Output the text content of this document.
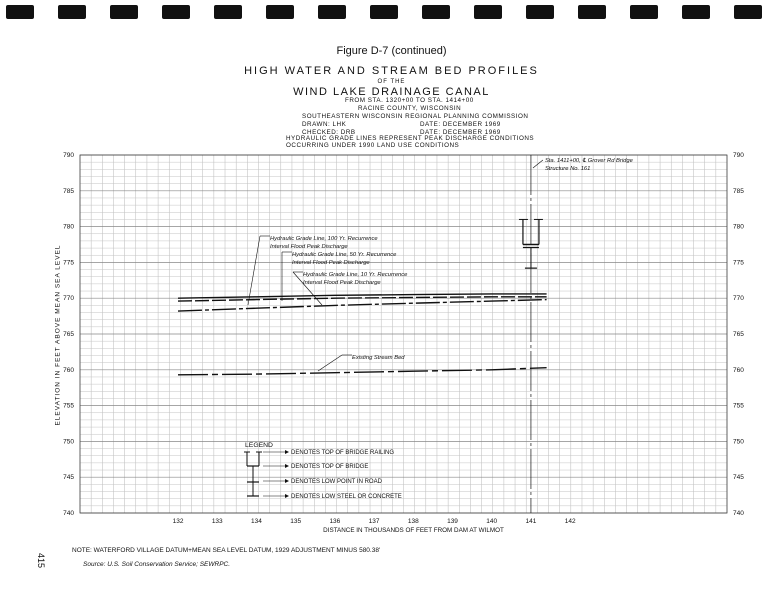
Figure D-7 (continued)
HIGH WATER AND STREAM BED PROFILES
OF THE
WIND LAKE DRAINAGE CANAL
FROM STA. 1320+00 TO STA. 1414+00
RACINE COUNTY, WISCONSIN
SOUTHEASTERN WISCONSIN REGIONAL PLANNING COMMISSION
DRAWN: LHK	DATE: DECEMBER 1969
CHECKED: DRB	DATE: DECEMBER 1969
HYDRAULIC GRADE LINES REPRESENT PEAK DISCHARGE CONDITIONS
OCCURRING UNDER 1990 LAND USE CONDITIONS
740	740
745	745
750	750
755	755
760	760
765	765
770	770
775	775
780	780
785	785
790	790
132	133	134	135	136	137	138	139	140	141	142
DISTANCE IN THOUSANDS OF FEET FROM DAM AT WILMOT
Hydraulic Grade Line, 100 Yr. Recurrence
Interval Flood Peak Discharge
Hydraulic Grade Line, 50 Yr. Recurrence
Interval Flood Peak Discharge
Hydraulic Grade Line, 10 Yr. Recurrence
Interval Flood Peak Discharge
Existing Stream Bed
Sta. 1411+00, ℄ Grover Rd Bridge
Structure No. 161
LEGEND
DENOTES TOP OF BRIDGE RAILING
DENOTES TOP OF BRIDGE
DENOTES LOW POINT IN ROAD
DENOTES LOW STEEL OR CONCRETE
ELEVATION IN FEET ABOVE MEAN SEA LEVEL
NOTE: WATERFORD VILLAGE DATUM+MEAN SEA LEVEL DATUM, 1929 ADJUSTMENT MINUS 580.38'
Source: U.S. Soil Conservation Service; SEWRPC.
415
